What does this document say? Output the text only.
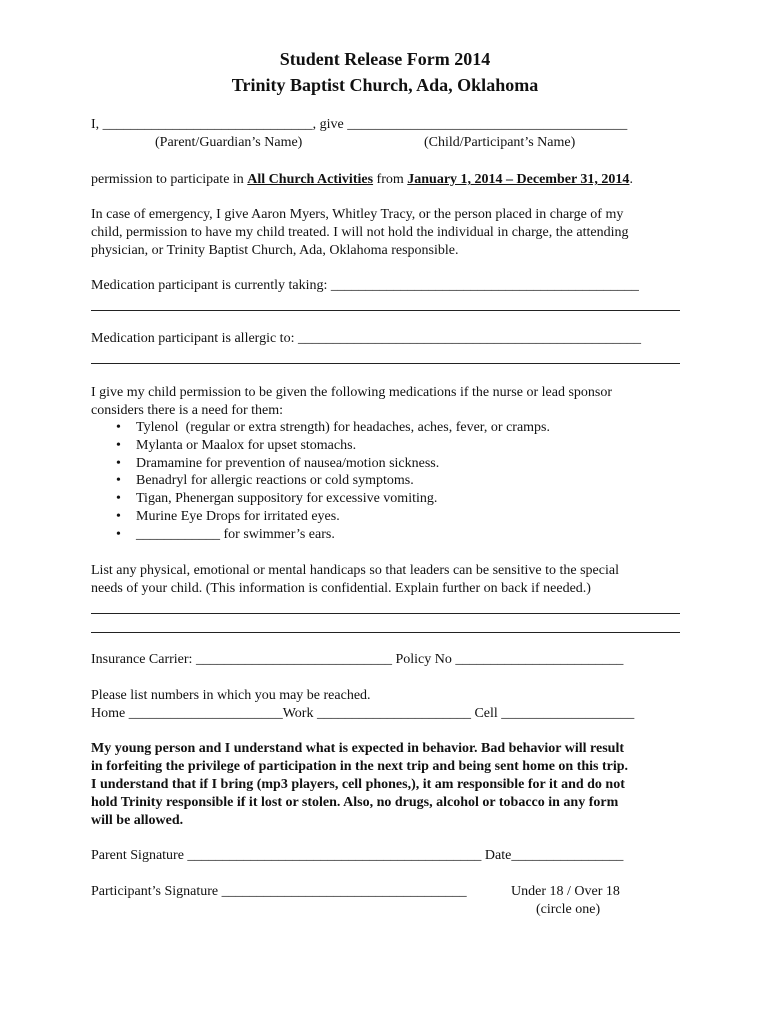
Student Release Form 2014

Trinity Baptist Church, Ada, Oklahoma

I, ______________________________, give ________________________________________

(Parent/Guardian’s Name)	(Child/Participant’s Name)

permission to participate in All Church Activities from January 1, 2014 – December 31, 2014.

In case of emergency, I give Aaron Myers, Whitley Tracy, or the person placed in charge of my

child, permission to have my child treated. I will not hold the individual in charge, the attending

physician, or Trinity Baptist Church, Ada, Oklahoma responsible.

Medication participant is currently taking: ____________________________________________

Medication participant is allergic to: _________________________________________________

I give my child permission to be given the following medications if the nurse or lead sponsor

considers there is a need for them:

• Tylenol  (regular or extra strength) for headaches, aches, fever, or cramps.
• Mylanta or Maalox for upset stomachs.
• Dramamine for prevention of nausea/motion sickness.
• Benadryl for allergic reactions or cold symptoms.
• Tigan, Phenergan suppository for excessive vomiting.
• Murine Eye Drops for irritated eyes.
• ____________ for swimmer’s ears.

List any physical, emotional or mental handicaps so that leaders can be sensitive to the special

needs of your child. (This information is confidential. Explain further on back if needed.)

Insurance Carrier: ____________________________ Policy No ________________________

Please list numbers in which you may be reached.

Home ______________________Work ______________________ Cell ___________________

My young person and I understand what is expected in behavior. Bad behavior will result

in forfeiting the privilege of participation in the next trip and being sent home on this trip.

I understand that if I bring (mp3 players, cell phones,), it am responsible for it and do not

hold Trinity responsible if it lost or stolen. Also, no drugs, alcohol or tobacco in any form

will be allowed.

Parent Signature __________________________________________ Date________________

Participant’s Signature ___________________________________	Under 18 / Over 18

(circle one)
